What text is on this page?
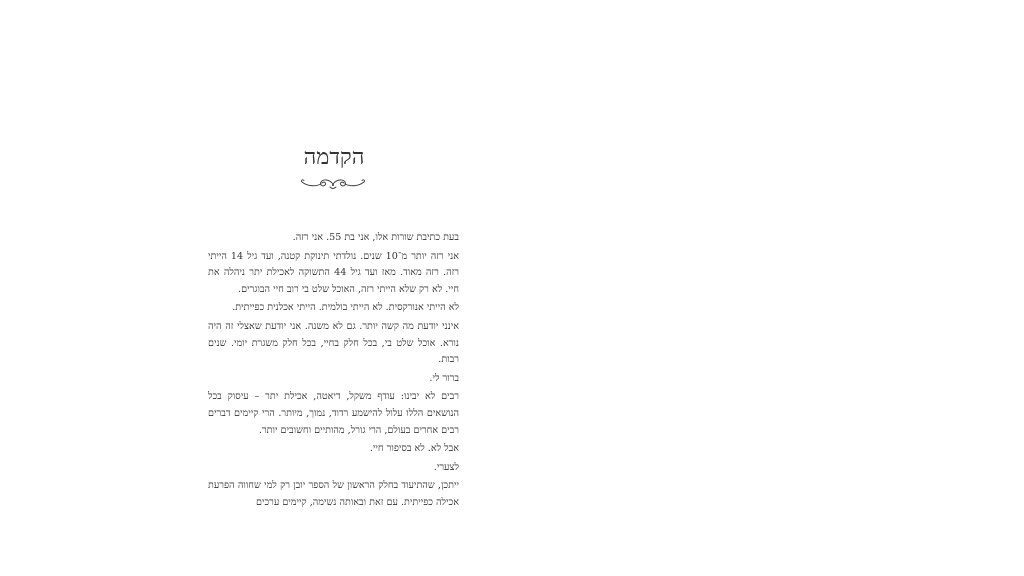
הקדמה

בעת כתיבת שורות אלו, אני בת 55. אני רזה.

אני רזה יותר מ־10 שנים. נולדתי תינוקת קטנה, ועד גיל 14 הייתי רזה. רזה מאוד. מאז ועד גיל 44 התשוקה לאכילת יתר ניהלה את חיי. לא רק שלא הייתי רזה, האוכל שלט בי רוב חיי הבוגרים.

לא הייתי אנורקסית. לא הייתי בולמית. הייתי אכלנית כפייתית.

אינני יודעת מה קשה יותר. גם לא משנה. אני יודעת שאצלי זה היה נורא. אוכל שלט בי, בכל חלק בחיי, בכל חלק משגרת יומי. שנים רבות.

ברור לי.

רבים לא יבינו: עודף משקל, דיאטה, אכילת יתר – עיסוק בכל הנושאים הללו עלול להישמע רדוד, נמוך, מיותר. הרי קיימים דברים רבים אחרים בעולם, הרי גורל, מהותיים וחשובים יותר.

אבל לא. לא בסיפור חיי.

לצערי.

ייתכן, שהתיעוד בחלק הראשון של הספר יובן רק למי שחווה הפרעת אכילה כפייתית. עם זאת ובאותה נשימה, קיימים ערכים
